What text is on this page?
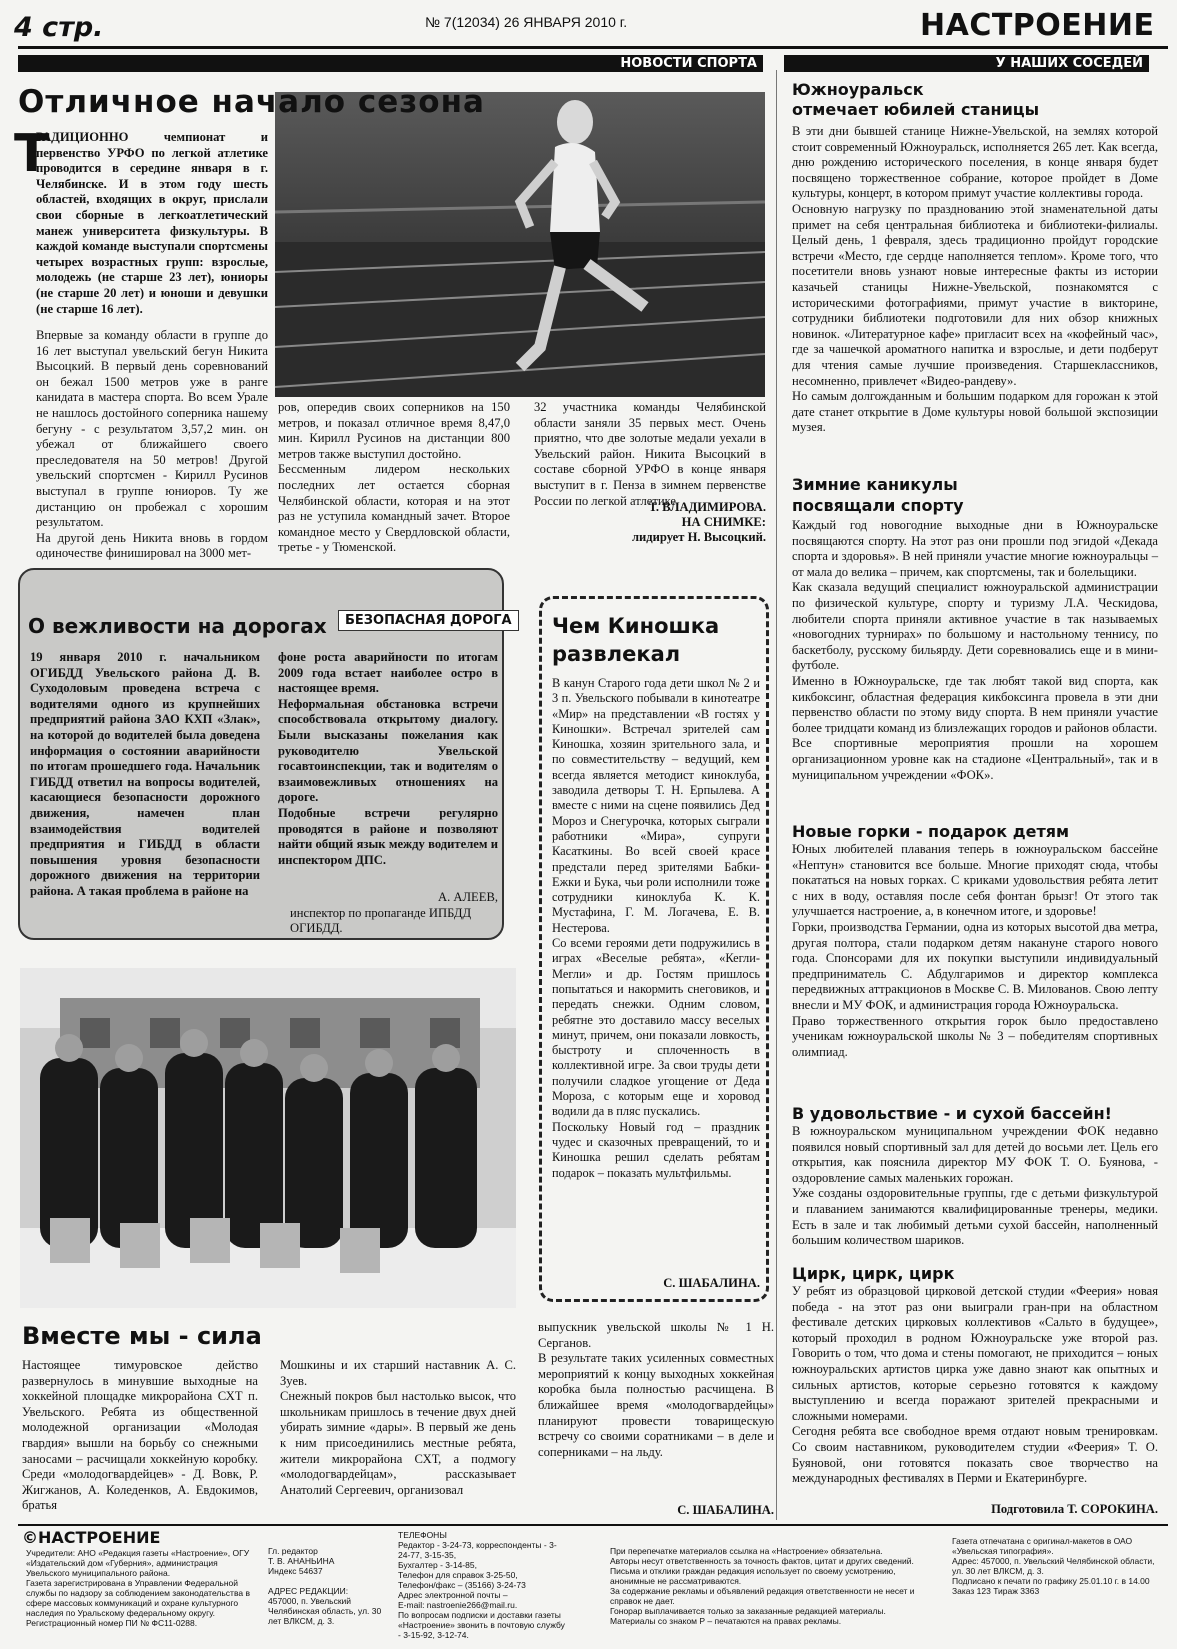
4 стр.	№ 7(12034) 26 ЯНВАРЯ 2010 г.	НАСТРОЕНИЕ
НОВОСТИ СПОРТА	У НАШИХ СОСЕДЕЙ
Отличное начало сезона
Т
РАДИЦИОННО чемпионат и первенство УРФО по легкой атлетике проводится в середине января в г. Челябинске. И в этом году шесть областей, входящих в округ, прислали свои сборные в легкоатлетический манеж университета физкультуры. В каждой команде выступали спортсмены четырех возрастных групп: взрослые, молодежь (не старше 23 лет), юниоры (не старше 20 лет) и юноши и девушки (не старше 16 лет).
Впервые за команду области в группе до 16 лет выступал увельский бегун Никита Высоцкий. В первый день соревнований он бежал 1500 метров уже в ранге канидата в мастера спорта. Во всем Урале не нашлось достойного соперника нашему бегуну - с результатом 3,57,2 мин. он убежал от ближайшего своего преследователя на 50 метров! Другой увельский спортсмен - Кирилл Русинов выступал в группе юниоров. Ту же дистанцию он пробежал с хорошим результатом.
На другой день Никита вновь в гордом одиночестве финишировал на 3000 мет-
ров, опередив своих соперников на 150 метров, и показал отличное время 8,47,0 мин. Кирилл Русинов на дистанции 800 метров также выступил достойно.
Бессменным лидером нескольких последних лет остается сборная Челябинской области, которая и на этот раз не уступила командный зачет. Второе командное место у Свердловской области, третье - у Тюменской.
32 участника команды Челябинской области заняли 35 первых мест. Очень приятно, что две золотые медали уехали в Увельский район. Никита Высоцкий в составе сборной УРФО в конце января выступит в г. Пенза в зимнем первенстве России по легкой атлетике.
Т. ВЛАДИМИРОВА.
НА СНИМКЕ:
лидирует Н. Высоцкий.
О вежливости на дорогах	БЕЗОПАСНАЯ ДОРОГА
19 января 2010 г. начальником ОГИБДД Увельского района Д. В. Суходоловым проведена встреча с водителями одного из крупнейших предприятий района ЗАО КХП «Злак», на которой до водителей была доведена информация о состоянии аварийности по итогам прошедшего года. Начальник ГИБДД ответил на вопросы водителей, касающиеся безопасности дорожного движения, намечен план взаимодействия водителей предприятия и ГИБДД в области повышения уровня безопасности дорожного движения на территории района. А такая проблема в районе на
фоне роста аварийности по итогам 2009 года встает наиболее остро в настоящее время.
Неформальная обстановка встречи способствовала открытому диалогу. Были высказаны пожелания как руководителю Увельской госавтоинспекции, так и водителям о взаимовежливых отношениях на дороге.
Подобные встречи регулярно проводятся в районе и позволяют найти общий язык между водителем и инспектором ДПС.
А. АЛЕЕВ,
инспектор по пропаганде ИПБДД ОГИБДД.
Чем Киношка развлекал
В канун Старого года дети школ № 2 и 3 п. Увельского побывали в кинотеатре «Мир» на представлении «В гостях у Киношки». Встречал зрителей сам Киношка, хозяин зрительного зала, и по совместительству – ведущий, кем всегда является методист киноклуба, заводила детворы Т. Н. Ерпылева. А вместе с ними на сцене появились Дед Мороз и Снегурочка, которых сыграли работники «Мира», супруги Касаткины. Во всей своей красе предстали перед зрителями Бабки-Ежки и Бука, чьи роли исполнили тоже сотрудники киноклуба К. К. Мустафина, Г. М. Логачева, Е. В. Нестерова.
Со всеми героями дети подружились в играх «Веселые ребята», «Кегли-Мегли» и др. Гостям пришлось попытаться и накормить снеговиков, и передать снежки. Одним словом, ребятне это доставило массу веселых минут, причем, они показали ловкость, быстроту и сплоченность в коллективной игре. За свои труды дети получили сладкое угощение от Деда Мороза, с которым еще и хоровод водили да в пляс пускались.
Поскольку Новый год – праздник чудес и сказочных превращений, то и Киношка решил сделать ребятам подарок – показать мультфильмы.
С. ШАБАЛИНА.
Вместе мы - сила
Настоящее тимуровское действо развернулось в минувшие выходные на хоккейной площадке микрорайона СХТ п. Увельского. Ребята из общественной молодежной организации «Молодая гвардия» вышли на борьбу со снежными заносами – расчищали хоккейную коробку. Среди «молодогвардейцев» - Д. Вовк, Р. Жигжанов, А. Коледенков, А. Евдокимов, братья
Мошкины и их старший наставник А. С. Зуев.
Снежный покров был настолько высок, что школьникам пришлось в течение двух дней убирать зимние «дары». В первый же день к ним присоединились местные ребята, жители микрорайона СХТ, а подмогу «молодогвардейцам», рассказывает Анатолий Сергеевич, организовал
выпускник увельской школы № 1 Н. Серганов.
В результате таких усиленных совместных мероприятий к концу выходных хоккейная коробка была полностью расчищена. В ближайшее время «молодогвардейцы» планируют провести товарищескую встречу со своими соратниками – в деле и соперниками – на льду.
С. ШАБАЛИНА.
Южноуральск
отмечает юбилей станицы
В эти дни бывшей станице Нижне-Увельской, на землях которой стоит современный Южноуральск, исполняется 265 лет. Как всегда, дню рождению исторического поселения, в конце января будет посвящено торжественное собрание, которое пройдет в Доме культуры, концерт, в котором примут участие коллективы города.
Основную нагрузку по празднованию этой знаменательной даты примет на себя центральная библиотека и библиотеки-филиалы. Целый день, 1 февраля, здесь традиционно пройдут городские встречи «Место, где сердце наполняется теплом». Кроме того, что посетители вновь узнают новые интересные факты из истории казачьей станицы Нижне-Увельской, познакомятся с историческими фотографиями, примут участие в викторине, сотрудники библиотеки подготовили для них обзор книжных новинок. «Литературное кафе» пригласит всех на «кофейный час», где за чашечкой ароматного напитка и взрослые, и дети подберут для чтения самые лучшие произведения. Старшеклассников, несомненно, привлечет «Видео-рандеву».
Но самым долгожданным и большим подарком для горожан к этой дате станет открытие в Доме культуры новой большой экспозиции музея.
Зимние каникулы
посвящали спорту
Каждый год новогодние выходные дни в Южноуральске посвящаются спорту. На этот раз они прошли под эгидой «Декада спорта и здоровья». В ней приняли участие многие южноуральцы – от мала до велика – причем, как спортсмены, так и болельщики.
Как сказала ведущий специалист южноуральской администрации по физической культуре, спорту и туризму Л.А. Ческидова, любители спорта приняли активное участие в так называемых «новогодних турнирах» по большому и настольному теннису, по баскетболу, русскому бильярду. Дети соревновались еще и в мини-футболе.
Именно в Южноуральске, где так любят такой вид спорта, как кикбоксинг, областная федерация кикбоксинга провела в эти дни первенство области по этому виду спорта. В нем приняли участие более тридцати команд из близлежащих городов и районов области.
Все спортивные мероприятия прошли на хорошем организационном уровне как на стадионе «Центральный», так и в муниципальном учреждении «ФОК».
Новые горки - подарок детям
Юных любителей плавания теперь в южноуральском бассейне «Нептун» становится все больше. Многие приходят сюда, чтобы покататься на новых горках. С криками удовольствия ребята летит с них в воду, оставляя после себя фонтан брызг! От этого так улучшается настроение, а, в конечном итоге, и здоровье!
Горки, производства Германии, одна из которых высотой два метра, другая полтора, стали подарком детям накануне старого нового года. Спонсорами для их покупки выступили индивидуальный предприниматель С. Абдулгаримов и директор комплекса передвижных аттракционов в Москве С. В. Милованов. Свою лепту внесли и МУ ФОК, и администрация города Южноуральска.
Право торжественного открытия горок было предоставлено ученикам южноуральской школы № 3 – победителям спортивных олимпиад.
В удовольствие - и сухой бассейн!
В южноуральском муниципальном учреждении ФОК недавно появился новый спортивный зал для детей до восьми лет. Цель его открытия, как пояснила директор МУ ФОК Т. О. Буянова, - оздоровление самых маленьких горожан.
Уже созданы оздоровительные группы, где с детьми физкультурой и плаванием занимаются квалифицированные тренеры, медики. Есть в зале и так любимый детьми сухой бассейн, наполненный большим количеством шариков.
Цирк, цирк, цирк
У ребят из образцовой цирковой детской студии «Феерия» новая победа - на этот раз они выиграли гран-при на областном фестивале детских цирковых коллективов «Сальто в будущее», который проходил в родном Южноуральске уже второй раз. Говорить о том, что дома и стены помогают, не приходится – юных южноуральских артистов цирка уже давно знают как опытных и сильных артистов, которые серьезно готовятся к каждому выступлению и всегда поражают зрителей прекрасными и сложными номерами.
Сегодня ребята все свободное время отдают новым тренировкам. Со своим наставником, руководителем студии «Феерия» Т. О. Буяновой, они готовятся показать свое творчество на международных фестивалях в Перми и Екатеринбурге.
Подготовила Т. СОРОКИНА.
©НАСТРОЕНИЕ
Учредители: АНО «Редакция газеты «Настроение», ОГУ «Издательский дом «Губерния», администрация Увельского муниципального района.
Газета зарегистрирована в Управлении Федеральной службы по надзору за соблюдением законодательства в сфере массовых коммуникаций и охране культурного наследия по Уральскому федеральному округу.
Регистрационный номер ПИ № ФС11-0288.
Гл. редактор
Т. В. АНАНЬИНА
Индекс 54637

АДРЕС РЕДАКЦИИ:
457000, п. Увельский
Челябинская область, ул. 30 лет ВЛКСМ, д. 3.
ТЕЛЕФОНЫ
Редактор - 3-24-73, корреспонденты - 3-24-77, 3-15-35,
Бухгалтер - 3-14-85,
Телефон для справок 3-25-50,
Телефон/факс – (35166) 3-24-73
Адрес электронной почты –
E-mail: nastroenie266@mail.ru.
По вопросам подписки и доставки газеты «Настроение» звонить в почтовую службу - 3-15-92, 3-12-74.
При перепечатке материалов ссылка на «Настроение» обязательна.
Авторы несут ответственность за точность фактов, цитат и других сведений.
Письма и отклики граждан редакция использует по своему усмотрению, анонимные не рассматриваются.
За содержание рекламы и объявлений редакция ответственности не несет и справок не дает.
Гонорар выплачивается только за заказанные редакцией материалы.
Материалы со знаком Р – печатаются на правах рекламы.
Газета отпечатана с оригинал-макетов в ОАО «Увельская типография».
Адрес: 457000, п. Увельский Челябинской области, ул. 30 лет ВЛКСМ, д. 3.
Подписано к печати по графику 25.01.10 г. в 14.00
Заказ 123 Тираж 3363
